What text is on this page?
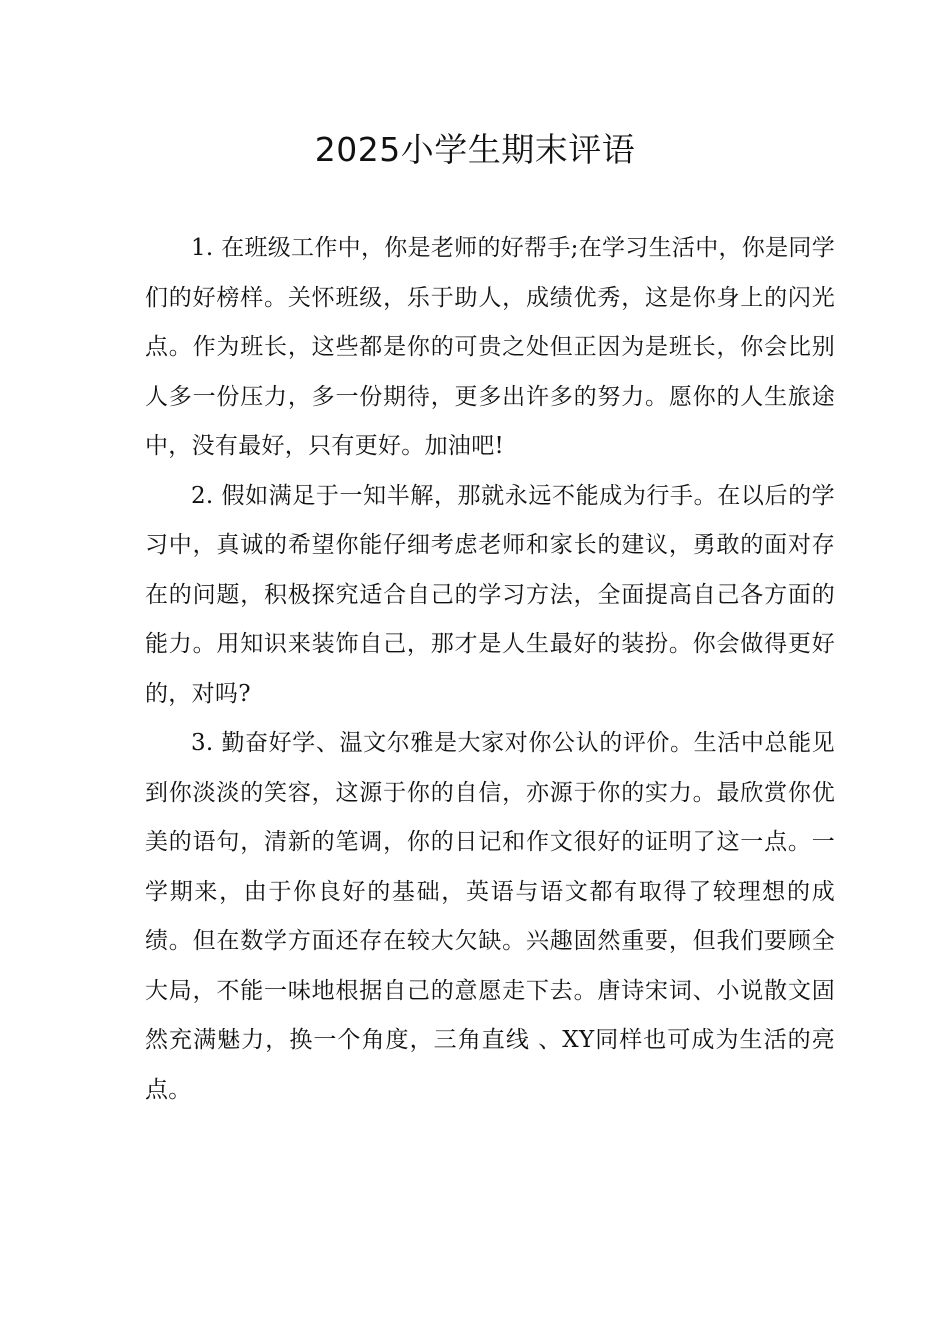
2025小学生期末评语

1. 在班级工作中，你是老师的好帮手;在学习生活中，你是同学们的好榜样。关怀班级，乐于助人，成绩优秀，这是你身上的闪光点。作为班长，这些都是你的可贵之处但正因为是班长，你会比别人多一份压力，多一份期待，更多出许多的努力。愿你的人生旅途中，没有最好，只有更好。加油吧!

2. 假如满足于一知半解，那就永远不能成为行手。在以后的学习中，真诚的希望你能仔细考虑老师和家长的建议，勇敢的面对存在的问题，积极探究适合自己的学习方法，全面提高自己各方面的能力。用知识来装饰自己，那才是人生最好的装扮。你会做得更好的，对吗?

3. 勤奋好学、温文尔雅是大家对你公认的评价。生活中总能见到你淡淡的笑容，这源于你的自信，亦源于你的实力。最欣赏你优美的语句，清新的笔调，你的日记和作文很好的证明了这一点。一学期来，由于你良好的基础，英语与语文都有取得了较理想的成绩。但在数学方面还存在较大欠缺。兴趣固然重要，但我们要顾全大局，不能一味地根据自己的意愿走下去。唐诗宋词、小说散文固然充满魅力，换一个角度，三角直线 、XY同样也可成为生活的亮点。
